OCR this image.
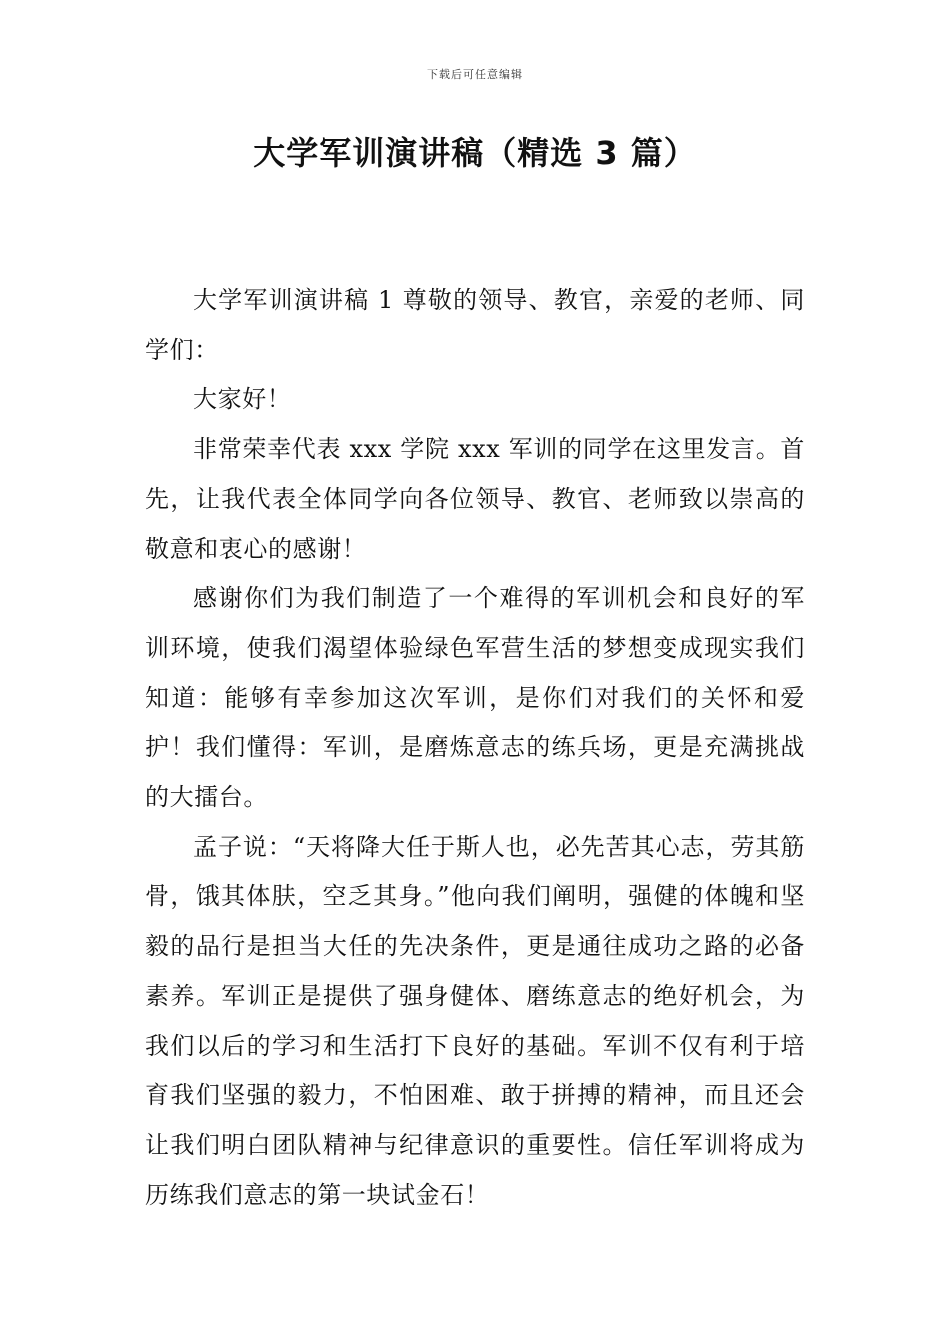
下载后可任意编辑
大学军训演讲稿（精选 3 篇）

大学军训演讲稿 1 尊敬的领导、教官，亲爱的老师、同学们：

大家好！

非常荣幸代表 xxx 学院 xxx 军训的同学在这里发言。首先，让我代表全体同学向各位领导、教官、老师致以崇高的敬意和衷心的感谢！

感谢你们为我们制造了一个难得的军训机会和良好的军训环境，使我们渴望体验绿色军营生活的梦想变成现实我们知道：能够有幸参加这次军训，是你们对我们的关怀和爱护！我们懂得：军训，是磨炼意志的练兵场，更是充满挑战的大擂台。

孟子说：“天将降大任于斯人也，必先苦其心志，劳其筋骨，饿其体肤，空乏其身。”他向我们阐明，强健的体魄和坚毅的品行是担当大任的先决条件，更是通往成功之路的必备素养。军训正是提供了强身健体、磨练意志的绝好机会，为我们以后的学习和生活打下良好的基础。军训不仅有利于培育我们坚强的毅力，不怕困难、敢于拼搏的精神，而且还会让我们明白团队精神与纪律意识的重要性。信任军训将成为历练我们意志的第一块试金石！
